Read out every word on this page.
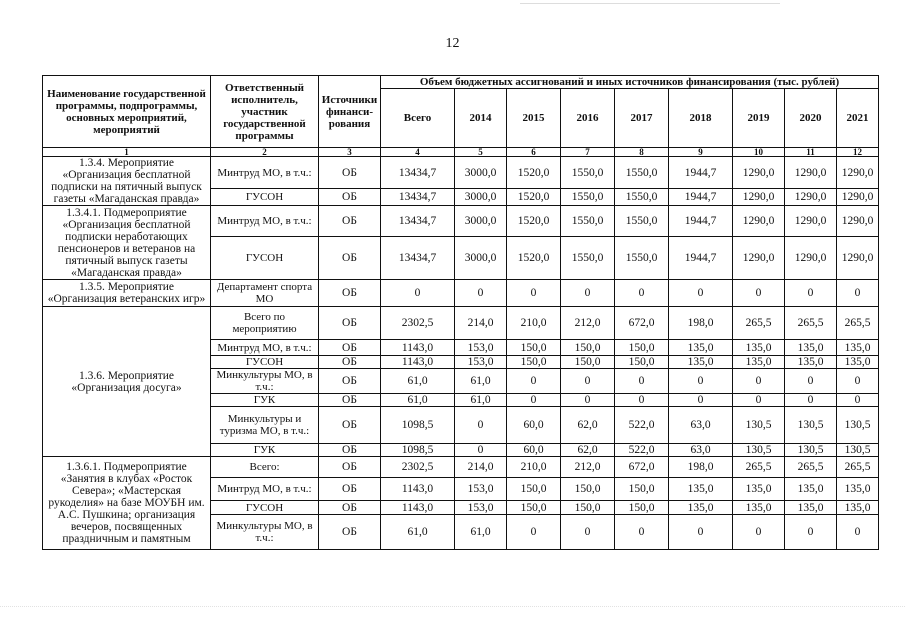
12
Наименование государственной программы, подпрограммы, основных мероприятий, мероприятий	Ответственный исполнитель, участник государственной программы	Источники финанси-рования	Объем бюджетных ассигнований и иных источников финансирования (тыс. рублей)								
			Всего	2014	2015	2016	2017	2018	2019	2020	2021
1	2	3	4	5	6	7	8	9	10	11	12
1.3.4. Мероприятие «Организация бесплатной подписки на пятичный выпуск газеты «Магаданская правда»	Минтруд МО, в т.ч.:	ОБ	13434,7	3000,0	1520,0	1550,0	1550,0	1944,7	1290,0	1290,0	1290,0
	ГУСОН	ОБ	13434,7	3000,0	1520,0	1550,0	1550,0	1944,7	1290,0	1290,0	1290,0
1.3.4.1. Подмероприятие «Организация бесплатной подписки неработающих пенсионеров и ветеранов на пятичный выпуск газеты «Магаданская правда»	Минтруд МО, в т.ч.:	ОБ	13434,7	3000,0	1520,0	1550,0	1550,0	1944,7	1290,0	1290,0	1290,0
	ГУСОН	ОБ	13434,7	3000,0	1520,0	1550,0	1550,0	1944,7	1290,0	1290,0	1290,0
1.3.5. Мероприятие «Организация ветеранских игр»	Департамент спорта МО	ОБ	0	0	0	0	0	0	0	0	0
1.3.6. Мероприятие «Организация досуга»	Всего по мероприятию	ОБ	2302,5	214,0	210,0	212,0	672,0	198,0	265,5	265,5	265,5
	Минтруд МО, в т.ч.:	ОБ	1143,0	153,0	150,0	150,0	150,0	135,0	135,0	135,0	135,0
	ГУСОН	ОБ	1143,0	153,0	150,0	150,0	150,0	135,0	135,0	135,0	135,0
	Минкультуры МО, в т.ч.:	ОБ	61,0	61,0	0	0	0	0	0	0	0
	ГУК	ОБ	61,0	61,0	0	0	0	0	0	0	0
	Минкультуры и туризма МО, в т.ч.:	ОБ	1098,5	0	60,0	62,0	522,0	63,0	130,5	130,5	130,5
	ГУК	ОБ	1098,5	0	60,0	62,0	522,0	63,0	130,5	130,5	130,5
1.3.6.1. Подмероприятие «Занятия в клубах «Росток Севера»; «Мастерская рукоделия» на базе МОУБН им. А.С. Пушкина; организация вечеров, посвященных праздничным и памятным	Всего:	ОБ	2302,5	214,0	210,0	212,0	672,0	198,0	265,5	265,5	265,5
	Минтруд МО, в т.ч.:	ОБ	1143,0	153,0	150,0	150,0	150,0	135,0	135,0	135,0	135,0
	ГУСОН	ОБ	1143,0	153,0	150,0	150,0	150,0	135,0	135,0	135,0	135,0
	Минкультуры МО, в т.ч.:	ОБ	61,0	61,0	0	0	0	0	0	0	0
